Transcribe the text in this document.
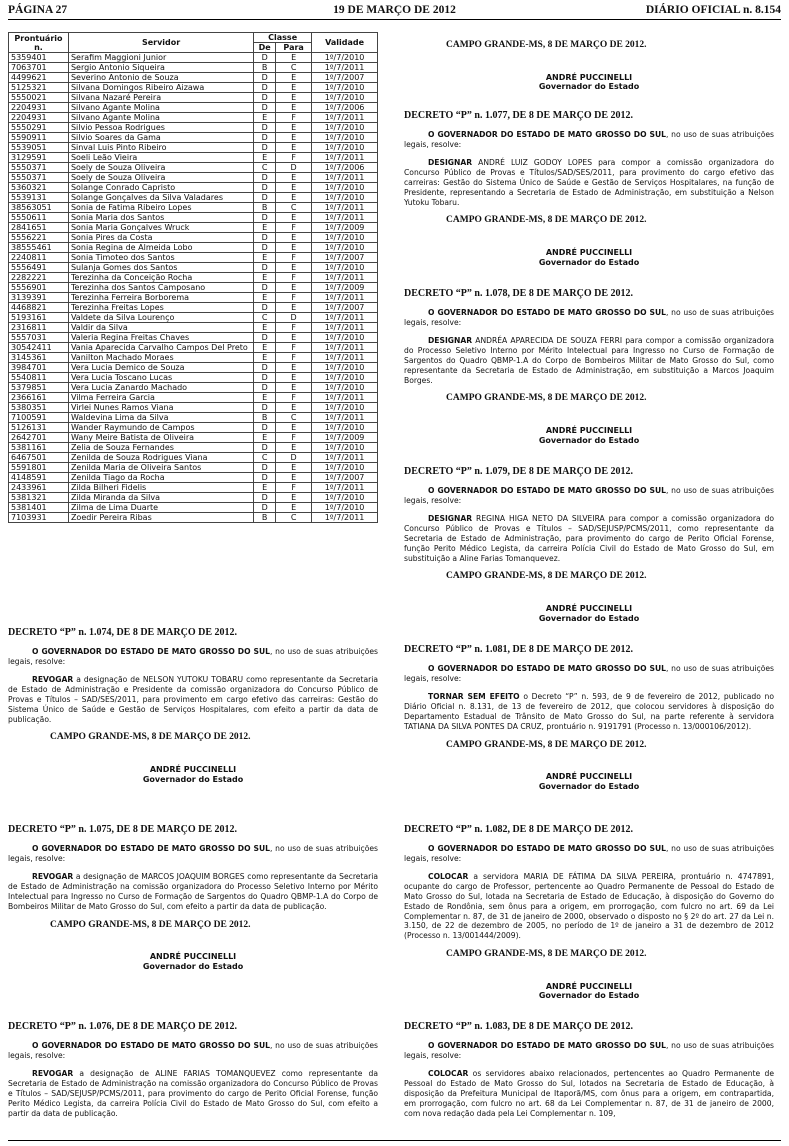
PÁGINA 27	19 DE MARÇO DE 2012	DIÁRIO OFICIAL n. 8.154
Prontuário n.	Servidor	Classe		Validade
		De	Para	
5359401	Serafim Maggioni Junior	D	E	1º/7/2010
7063701	Sergio Antonio Siqueira	B	C	1º/7/2011
4499621	Severino Antonio de Souza	D	E	1º/7/2007
5125321	Silvana Domingos Ribeiro Aizawa	D	E	1º/7/2010
5550021	Silvana Nazaré Pereira	D	E	1º/7/2010
2204931	Silvano Agante Molina	D	E	1º/7/2006
2204931	Silvano Agante Molina	E	F	1º/7/2011
5550291	Silvio Pessoa Rodrigues	D	E	1º/7/2010
5590911	Silvio Soares da Gama	D	E	1º/7/2010
5539051	Sinval Luis Pinto Ribeiro	D	E	1º/7/2010
3129591	Soeli Leão Vieira	E	F	1º/7/2011
5550371	Soely de Souza Oliveira	C	D	1º/7/2006
5550371	Soely de Souza Oliveira	D	E	1º/7/2011
5360321	Solange Conrado Capristo	D	E	1º/7/2010
5539131	Solange Gonçalves da Silva Valadares	D	E	1º/7/2010
38563051	Sonia de Fatima Ribeiro Lopes	B	C	1º/7/2011
5550611	Sonia Maria dos Santos	D	E	1º/7/2011
2841651	Sonia Maria Gonçalves Wruck	E	F	1º/7/2009
5556221	Sonia Pires da Costa	D	E	1º/7/2010
38555461	Sonia Regina de Almeida Lobo	D	E	1º/7/2010
2240811	Sonia Timoteo dos Santos	E	F	1º/7/2007
5556491	Sulanja Gomes dos Santos	D	E	1º/7/2010
2282221	Terezinha da Conceição Rocha	E	F	1º/7/2011
5556901	Terezinha dos Santos Camposano	D	E	1º/7/2009
3139391	Terezinha Ferreira Borborema	E	F	1º/7/2011
4468821	Terezinha Freitas Lopes	D	E	1º/7/2007
5193161	Valdete da Silva Lourenço	C	D	1º/7/2011
2316811	Valdir da Silva	E	F	1º/7/2011
5557031	Valeria Regina Freitas Chaves	D	E	1º/7/2010
30542411	Vania Aparecida Carvalho Campos Del Preto	E	F	1º/7/2011
3145361	Vanilton Machado Moraes	E	F	1º/7/2011
3984701	Vera Lucia Demico de Souza	D	E	1º/7/2010
5540811	Vera Lucia Toscano Lucas	D	E	1º/7/2010
5379851	Vera Lucia Zanardo Machado	D	E	1º/7/2010
2366161	Vilma Ferreira Garcia	E	F	1º/7/2011
5380351	Virlei Nunes Ramos Viana	D	E	1º/7/2010
7100591	Waldevina Lima da Silva	B	C	1º/7/2011
5126131	Wander Raymundo de Campos	D	E	1º/7/2010
2642701	Wany Meire Batista de Oliveira	E	F	1º/7/2009
5381161	Zelia de Souza Fernandes	D	E	1º/7/2010
6467501	Zenilda de Souza Rodrigues Viana	C	D	1º/7/2011
5591801	Zenilda Maria de Oliveira Santos	D	E	1º/7/2010
4148591	Zenilda Tiago da Rocha	D	E	1º/7/2007
2433961	Zilda Bilheri Fidelis	E	F	1º/7/2011
5381321	Zilda Miranda da Silva	D	E	1º/7/2010
5381401	Zilma de Lima Duarte	D	E	1º/7/2010
7103931	Zoedir Pereira Ribas	B	C	1º/7/2011

DECRETO “P” n. 1.074, DE 8 DE MARÇO DE 2012.

O GOVERNADOR DO ESTADO DE MATO GROSSO DO SUL, no uso de suas atribuições legais, resolve:

REVOGAR a designação de NELSON YUTOKU TOBARU como representante da Secretaria de Estado de Administração e Presidente da comissão organizadora do Concurso Público de Provas e Títulos – SAD/SES/2011, para provimento em cargo efetivo das carreiras: Gestão do Sistema Único de Saúde e Gestão de Serviços Hospitalares, com efeito a partir da data de publicação.

CAMPO GRANDE-MS, 8 DE MARÇO DE 2012.

ANDRÉ PUCCINELLI

Governador do Estado

DECRETO “P” n. 1.075, DE 8 DE MARÇO DE 2012.

O GOVERNADOR DO ESTADO DE MATO GROSSO DO SUL, no uso de suas atribuições legais, resolve:

REVOGAR a designação de MARCOS JOAQUIM BORGES como representante da Secretaria de Estado de Administração na comissão organizadora do Processo Seletivo Interno por Mérito Intelectual para Ingresso no Curso de Formação de Sargentos do Quadro QBMP-1.A do Corpo de Bombeiros Militar de Mato Grosso do Sul, com efeito a partir da data de publicação.

CAMPO GRANDE-MS, 8 DE MARÇO DE 2012.

ANDRÉ PUCCINELLI

Governador do Estado

DECRETO “P” n. 1.076, DE 8 DE MARÇO DE 2012.

O GOVERNADOR DO ESTADO DE MATO GROSSO DO SUL, no uso de suas atribuições legais, resolve:

REVOGAR a designação de ALINE FARIAS TOMANQUEVEZ como representante da Secretaria de Estado de Administração na comissão organizadora do Concurso Público de Provas e Títulos – SAD/SEJUSP/PCMS/2011, para provimento do cargo de Perito Oficial Forense, função Perito Médico Legista, da carreira Polícia Civil do Estado de Mato Grosso do Sul, com efeito a partir da data de publicação.

CAMPO GRANDE-MS, 8 DE MARÇO DE 2012.

ANDRÉ PUCCINELLI

Governador do Estado

DECRETO “P” n. 1.077, DE 8 DE MARÇO DE 2012.

O GOVERNADOR DO ESTADO DE MATO GROSSO DO SUL, no uso de suas atribuições legais, resolve:

DESIGNAR ANDRÉ LUIZ GODOY LOPES para compor a comissão organizadora do Concurso Público de Provas e Títulos/SAD/SES/2011, para provimento do cargo efetivo das carreiras: Gestão do Sistema Único de Saúde e Gestão de Serviços Hospitalares, na função de Presidente, representando a Secretaria de Estado de Administração, em substituição a Nelson Yutoku Tobaru.

CAMPO GRANDE-MS, 8 DE MARÇO DE 2012.

ANDRÉ PUCCINELLI

Governador do Estado

DECRETO “P” n. 1.078, DE 8 DE MARÇO DE 2012.

O GOVERNADOR DO ESTADO DE MATO GROSSO DO SUL, no uso de suas atribuições legais, resolve:

DESIGNAR ANDRÉA APARECIDA DE SOUZA FERRI para compor a comissão organizadora do Processo Seletivo Interno por Mérito Intelectual para Ingresso no Curso de Formação de Sargentos do Quadro QBMP-1.A do Corpo de Bombeiros Militar de Mato Grosso do Sul, como representante da Secretaria de Estado de Administração, em substituição a Marcos Joaquim Borges.

CAMPO GRANDE-MS, 8 DE MARÇO DE 2012.

ANDRÉ PUCCINELLI

Governador do Estado

DECRETO “P” n. 1.079, DE 8 DE MARÇO DE 2012.

O GOVERNADOR DO ESTADO DE MATO GROSSO DO SUL, no uso de suas atribuições legais, resolve:

DESIGNAR REGINA HIGA NETO DA SILVEIRA para compor a comissão organizadora do Concurso Público de Provas e Títulos – SAD/SEJUSP/PCMS/2011, como representante da Secretaria de Estado de Administração, para provimento do cargo de Perito Oficial Forense, função Perito Médico Legista, da carreira Polícia Civil do Estado de Mato Grosso do Sul, em substituição a Aline Farias Tomanquevez.

CAMPO GRANDE-MS, 8 DE MARÇO DE 2012.

ANDRÉ PUCCINELLI

Governador do Estado

DECRETO “P” n. 1.081, DE 8 DE MARÇO DE 2012.

O GOVERNADOR DO ESTADO DE MATO GROSSO DO SUL, no uso de suas atribuições legais, resolve:

TORNAR SEM EFEITO o Decreto “P” n. 593, de 9 de fevereiro de 2012, publicado no Diário Oficial n. 8.131, de 13 de fevereiro de 2012, que colocou servidores à disposição do Departamento Estadual de Trânsito de Mato Grosso do Sul, na parte referente à servidora TATIANA DA SILVA PONTES DA CRUZ, prontuário n. 9191791 (Processo n. 13/000106/2012).

CAMPO GRANDE-MS, 8 DE MARÇO DE 2012.

ANDRÉ PUCCINELLI

Governador do Estado

DECRETO “P” n. 1.082, DE 8 DE MARÇO DE 2012.

O GOVERNADOR DO ESTADO DE MATO GROSSO DO SUL, no uso de suas atribuições legais, resolve:

COLOCAR a servidora MARIA DE FÁTIMA DA SILVA PEREIRA, prontuário n. 4747891, ocupante do cargo de Professor, pertencente ao Quadro Permanente de Pessoal do Estado de Mato Grosso do Sul, lotada na Secretaria de Estado de Educação, à disposição do Governo do Estado de Rondônia, sem ônus para a origem, em prorrogação, com fulcro no art. 69 da Lei Complementar n. 87, de 31 de janeiro de 2000, observado o disposto no § 2º do art. 27 da Lei n. 3.150, de 22 de dezembro de 2005, no período de 1º de janeiro a 31 de dezembro de 2012 (Processo n. 13/001444/2009).

CAMPO GRANDE-MS, 8 DE MARÇO DE 2012.

ANDRÉ PUCCINELLI

Governador do Estado

DECRETO “P” n. 1.083, DE 8 DE MARÇO DE 2012.

O GOVERNADOR DO ESTADO DE MATO GROSSO DO SUL, no uso de suas atribuições legais, resolve:

COLOCAR os servidores abaixo relacionados, pertencentes ao Quadro Permanente de Pessoal do Estado de Mato Grosso do Sul, lotados na Secretaria de Estado de Educação, à disposição da Prefeitura Municipal de Itaporã/MS, com ônus para a origem, em contrapartida, em prorrogação, com fulcro no art. 68 da Lei Complementar n. 87, de 31 de janeiro de 2000, com nova redação dada pela Lei Complementar n. 109,
